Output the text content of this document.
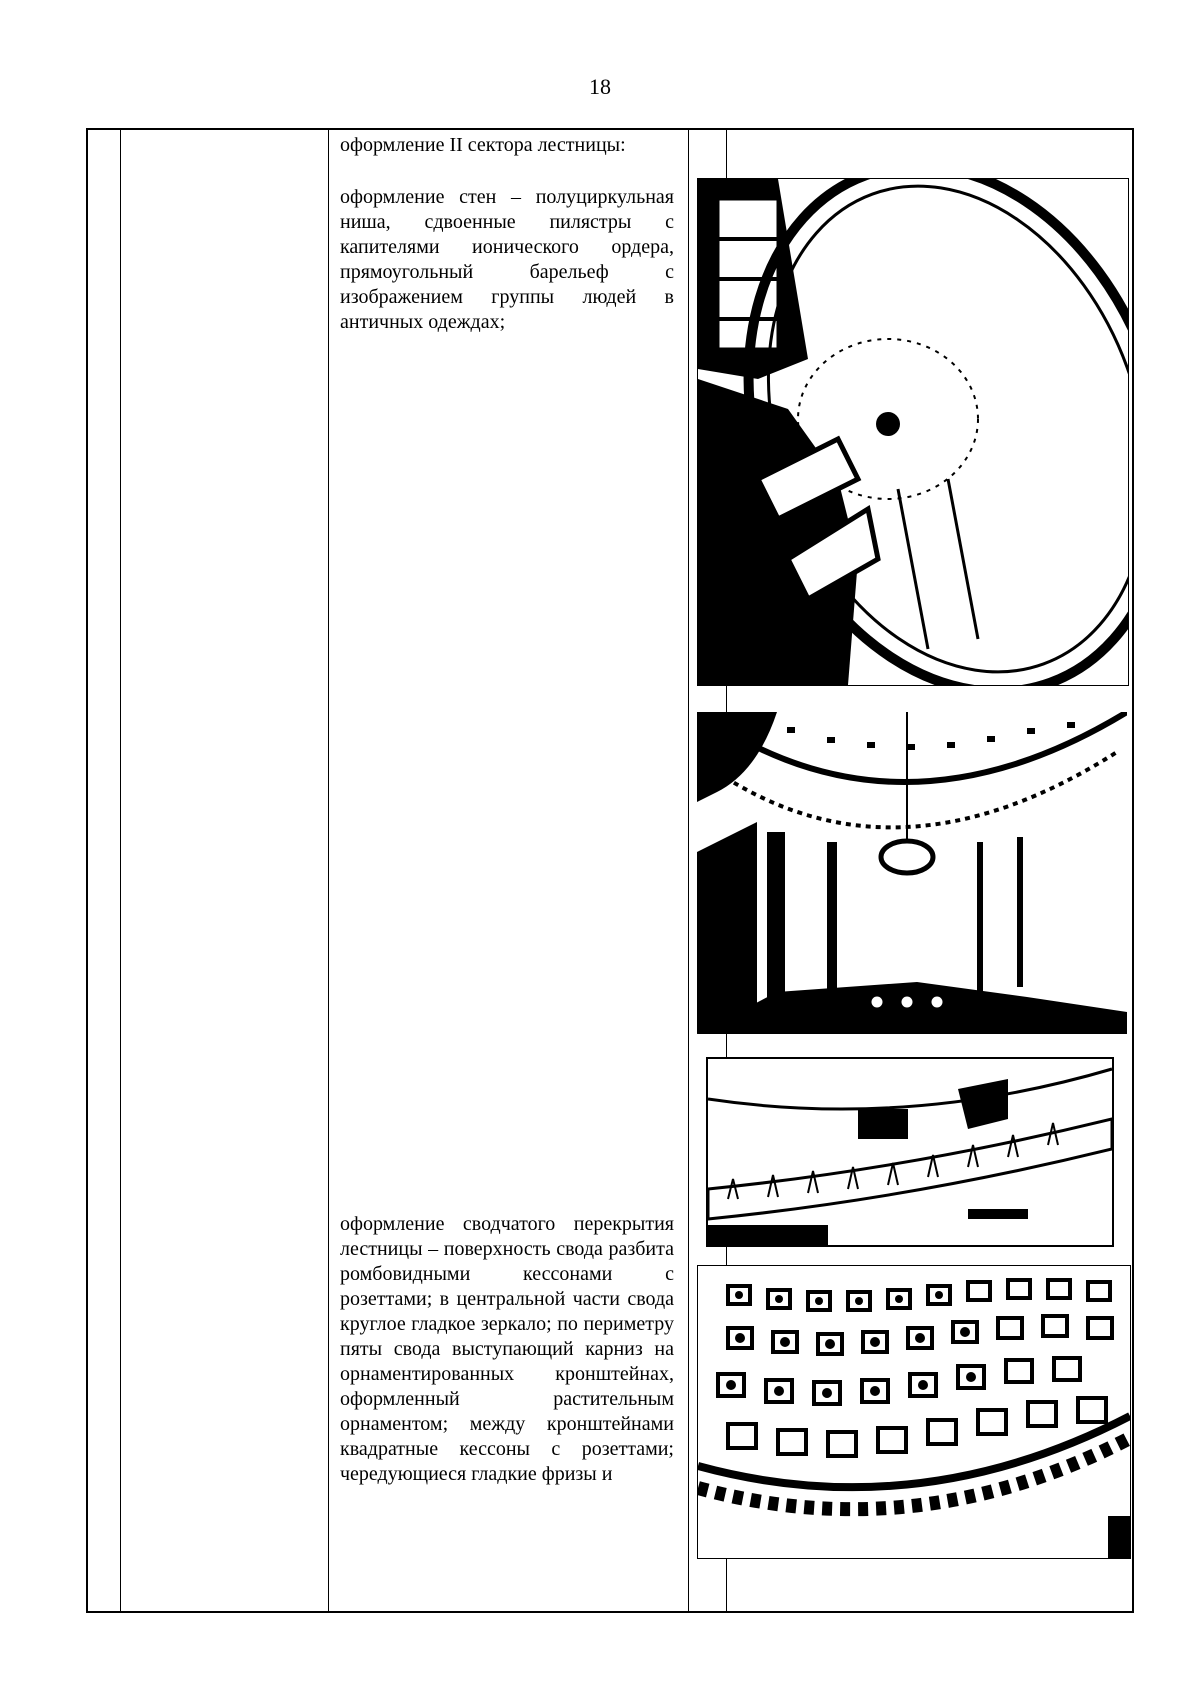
18
оформление II сектора лестницы:
оформление стен – полуциркульная ниша, сдвоенные пилястры с капителями ионического ордера, прямоугольный барельеф с изображением группы людей в античных одеждах;
оформление сводчатого перекрытия лестницы – поверхность свода разбита ромбовидными кессонами с розеттами; в центральной части свода круглое гладкое зеркало; по периметру пяты свода выступающий карниз на орнаментированных кронштейнах, оформленный растительным орнаментом; между кронштейнами квадратные кессоны с розеттами; чередующиеся гладкие фризы и
